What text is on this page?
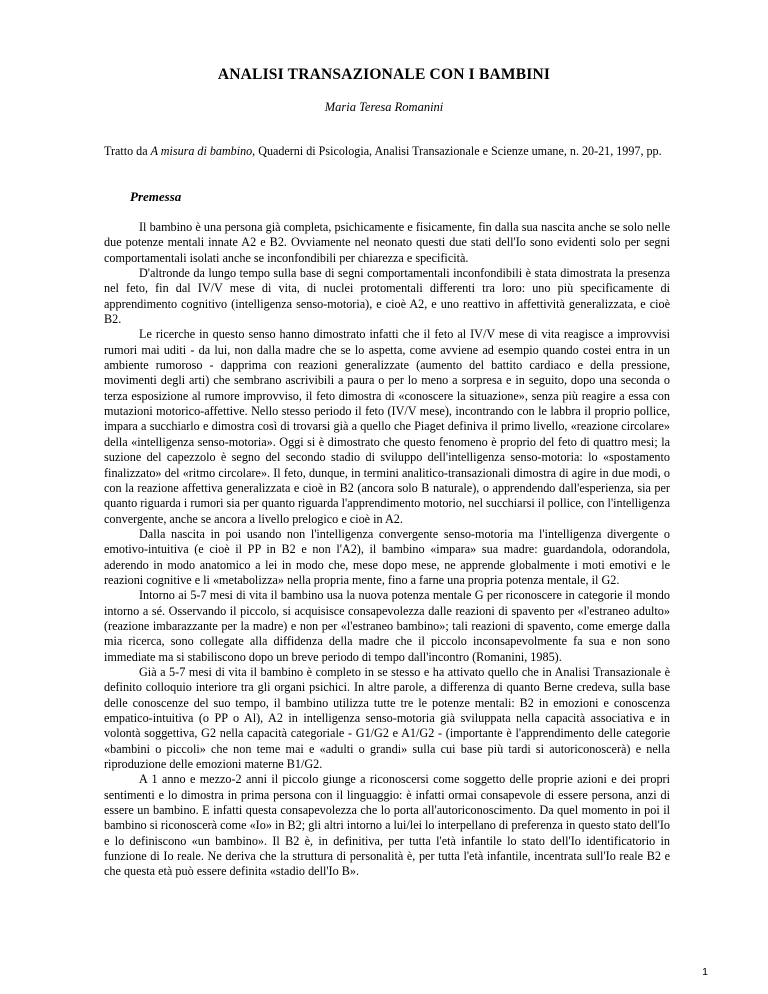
ANALISI TRANSAZIONALE CON I BAMBINI

Maria Teresa Romanini

Tratto da A misura di bambino, Quaderni di Psicologia, Analisi Transazionale e Scienze umane, n. 20-21, 1997, pp.

Premessa

Il bambino è una persona già completa, psichicamente e fisicamente, fin dalla sua nascita anche se solo nelle due potenze mentali innate A2 e B2. Ovviamente nel neonato questi due stati dell'Io sono evidenti solo per segni comportamentali isolati anche se inconfondibili per chiarezza e specificità.

D'altronde da lungo tempo sulla base di segni comportamentali inconfondibili è stata dimostrata la presenza nel feto, fin dal IV/V mese di vita, di nuclei protomentali differenti tra loro: uno più specificamente di apprendimento cognitivo (intelligenza senso-motoria), e cioè A2, e uno reattivo in affettività generalizzata, e cioè B2.

Le ricerche in questo senso hanno dimostrato infatti che il feto al IV/V mese di vita reagisce a improvvisi rumori mai uditi - da lui, non dalla madre che se lo aspetta, come avviene ad esempio quando costei entra in un ambiente rumoroso - dapprima con reazioni generalizzate (aumento del battito cardiaco e della pressione, movimenti degli arti) che sembrano ascrivibili a paura o per lo meno a sorpresa e in seguito, dopo una seconda o terza esposizione al rumore improvviso, il feto dimostra di «conoscere la situazione», senza più reagire a essa con mutazioni motorico-affettive. Nello stesso periodo il feto (IV/V mese), incontrando con le labbra il proprio pollice, impara a succhiarlo e dimostra così di trovarsi già a quello che Piaget definiva il primo livello, «reazione circolare» della «intelligenza senso-motoria». Oggi si è dimostrato che questo fenomeno è proprio del feto di quattro mesi; la suzione del capezzolo è segno del secondo stadio di sviluppo dell'intelligenza senso-motoria: lo «spostamento finalizzato» del «ritmo circolare». Il feto, dunque, in termini analitico-transazionali dimostra di agire in due modi, o con la reazione affettiva generalizzata e cioè in B2 (ancora solo B naturale), o apprendendo dall'esperienza, sia per quanto riguarda i rumori sia per quanto riguarda l'apprendimento motorio, nel succhiarsi il pollice, con l'intelligenza convergente, anche se ancora a livello prelogico e cioè in A2.

Dalla nascita in poi usando non l'intelligenza convergente senso-motoria ma l'intelligenza divergente o emotivo-intuitiva (e cioè il PP in B2 e non l'A2), il bambino «impara» sua madre: guardandola, odorandola, aderendo in modo anatomico a lei in modo che, mese dopo mese, ne apprende globalmente i moti emotivi e le reazioni cognitive e li «metabolizza» nella propria mente, fino a farne una propria potenza mentale, il G2.

Intorno ai 5-7 mesi di vita il bambino usa la nuova potenza mentale G per riconoscere in categorie il mondo intorno a sé. Osservando il piccolo, si acquisisce consapevolezza dalle reazioni di spavento per «l'estraneo adulto» (reazione imbarazzante per la madre) e non per «l'estraneo bambino»; tali reazioni di spavento, come emerge dalla mia ricerca, sono collegate alla diffidenza della madre che il piccolo inconsapevolmente fa sua e non sono immediate ma si stabiliscono dopo un breve periodo di tempo dall'incontro (Romanini, 1985).

Già a 5-7 mesi di vita il bambino è completo in se stesso e ha attivato quello che in Analisi Transazionale è definito colloquio interiore tra gli organi psichici. In altre parole, a differenza di quanto Berne credeva, sulla base delle conoscenze del suo tempo, il bambino utilizza tutte tre le potenze mentali: B2 in emozioni e conoscenza empatico-intuitiva (o PP o Al), A2 in intelligenza senso-motoria già sviluppata nella capacità associativa e in volontà soggettiva, G2 nella capacità categoriale - G1/G2 e A1/G2 - (importante è l'apprendimento delle categorie «bambini o piccoli» che non teme mai e «adulti o grandi» sulla cui base più tardi si autoriconoscerà) e nella riproduzione delle emozioni materne B1/G2.

A 1 anno e mezzo-2 anni il piccolo giunge a riconoscersi come soggetto delle proprie azioni e dei propri sentimenti e lo dimostra in prima persona con il linguaggio: è infatti ormai consapevole di essere persona, anzi di essere un bambino. E infatti questa consapevolezza che lo porta all'autoriconoscimento. Da quel momento in poi il bambino si riconoscerà come «Io» in B2; gli altri intorno a lui/lei lo interpellano di preferenza in questo stato dell'Io e lo definiscono «un bambino». Il B2 è, in definitiva, per tutta l'età infantile lo stato dell'Io identificatorio in funzione di Io reale. Ne deriva che la struttura di personalità è, per tutta l'età infantile, incentrata sull'Io reale B2 e che questa età può essere definita «stadio dell'Io B».

1
